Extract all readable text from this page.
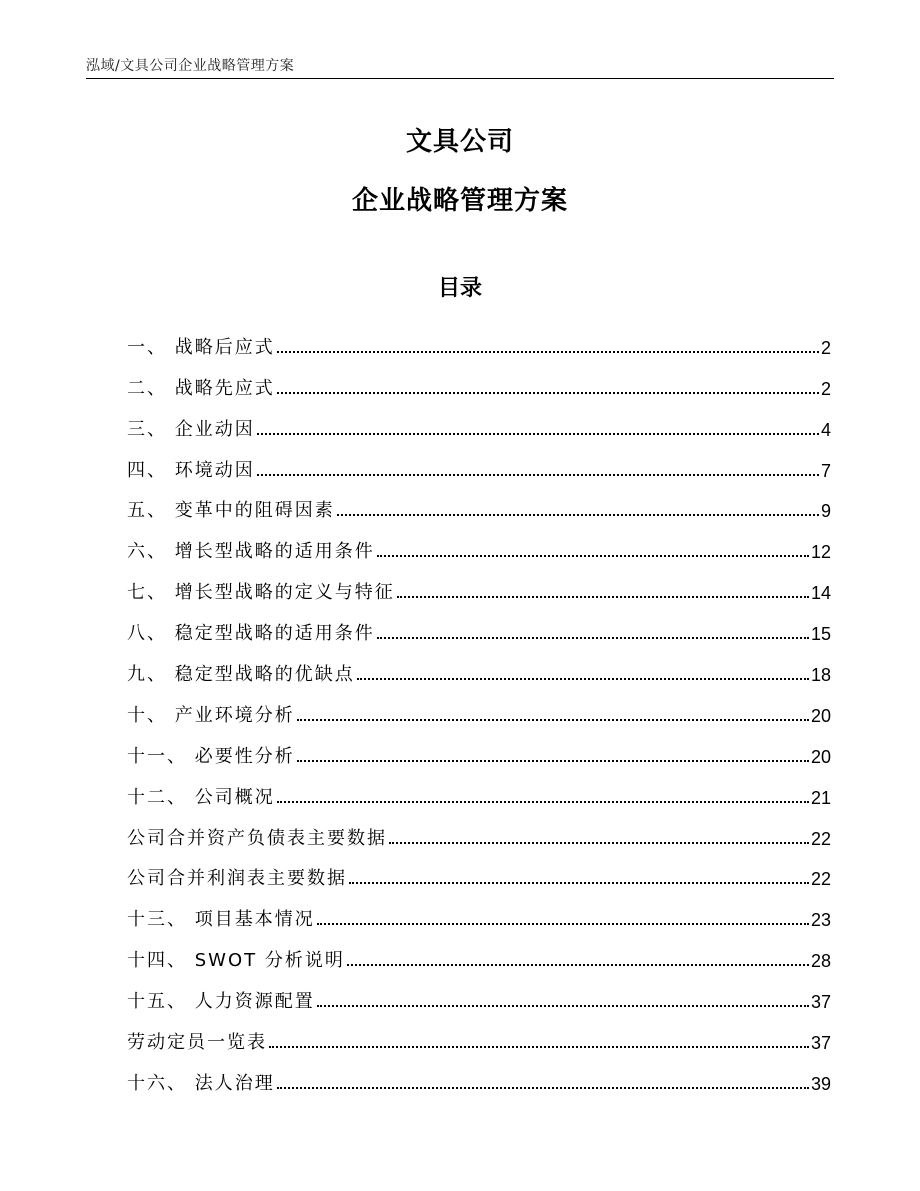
泓域/文具公司企业战略管理方案
文具公司
企业战略管理方案
目录
一、 战略后应式	2
二、 战略先应式	2
三、 企业动因	4
四、 环境动因	7
五、 变革中的阻碍因素	9
六、 增长型战略的适用条件	12
七、 增长型战略的定义与特征	14
八、 稳定型战略的适用条件	15
九、 稳定型战略的优缺点	18
十、 产业环境分析	20
十一、 必要性分析	20
十二、 公司概况	21
公司合并资产负债表主要数据	22
公司合并利润表主要数据	22
十三、 项目基本情况	23
十四、 SWOT 分析说明	28
十五、 人力资源配置	37
劳动定员一览表	37
十六、 法人治理	39
